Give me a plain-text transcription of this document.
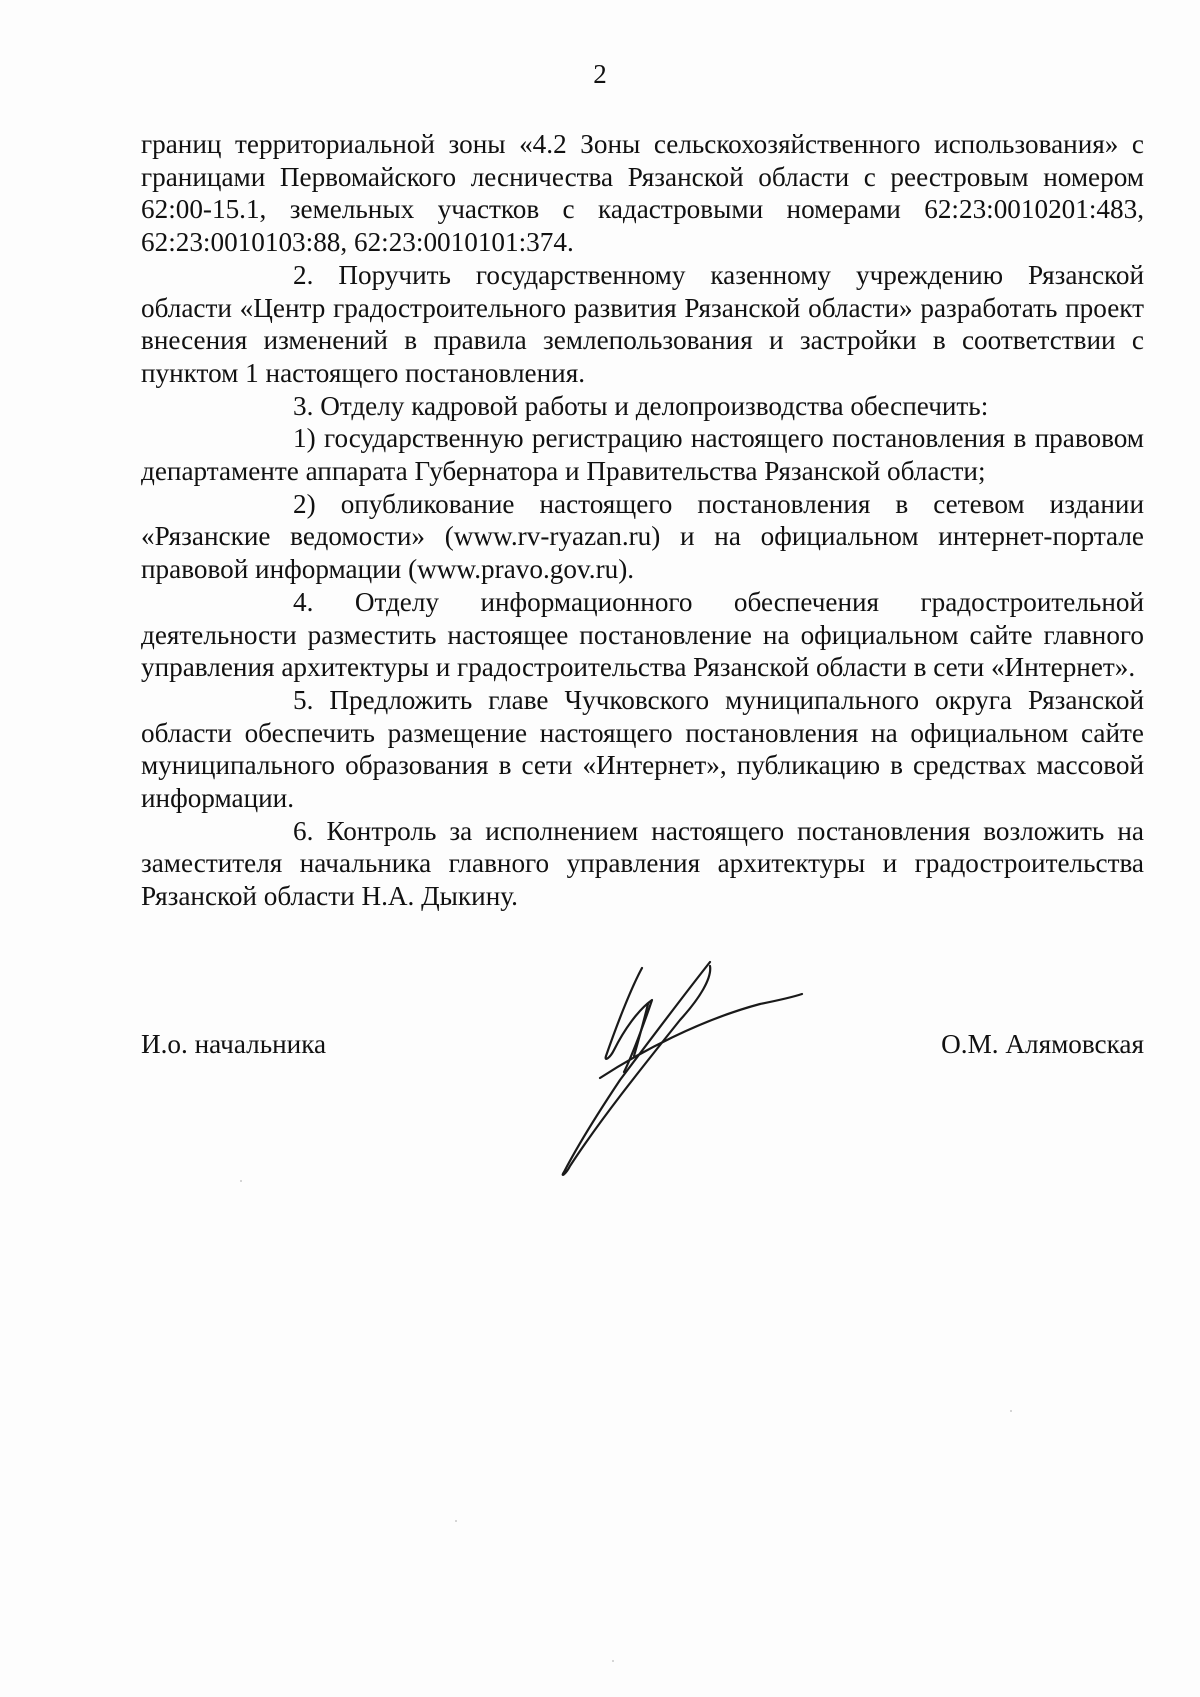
2

границ территориальной зоны «4.2 Зоны сельскохозяйственного использования» с границами Первомайского лесничества Рязанской области с реестровым номером 62:00-15.1, земельных участков с кадастровыми номерами 62:23:0010201:483, 62:23:0010103:88, 62:23:0010101:374.

2. Поручить государственному казенному учреждению Рязанской области «Центр градостроительного развития Рязанской области» разработать проект внесения изменений в правила землепользования и застройки в соответствии с пунктом 1 настоящего постановления.

3. Отделу кадровой работы и делопроизводства обеспечить:

1) государственную регистрацию настоящего постановления в правовом департаменте аппарата Губернатора и Правительства Рязанской области;

2) опубликование настоящего постановления в сетевом издании «Рязанские ведомости» (www.rv-ryazan.ru) и на официальном интернет-портале правовой информации (www.pravo.gov.ru).

4. Отделу информационного обеспечения градостроительной деятельности разместить настоящее постановление на официальном сайте главного управления архитектуры и градостроительства Рязанской области в сети «Интернет».

5. Предложить главе Чучковского муниципального округа Рязанской области обеспечить размещение настоящего постановления на официальном сайте муниципального образования в сети «Интернет», публикацию в средствах массовой информации.

6. Контроль за исполнением настоящего постановления возложить на заместителя начальника главного управления архитектуры и градостроительства Рязанской области Н.А. Дыкину.

И.о. начальника	О.М. Алямовская
